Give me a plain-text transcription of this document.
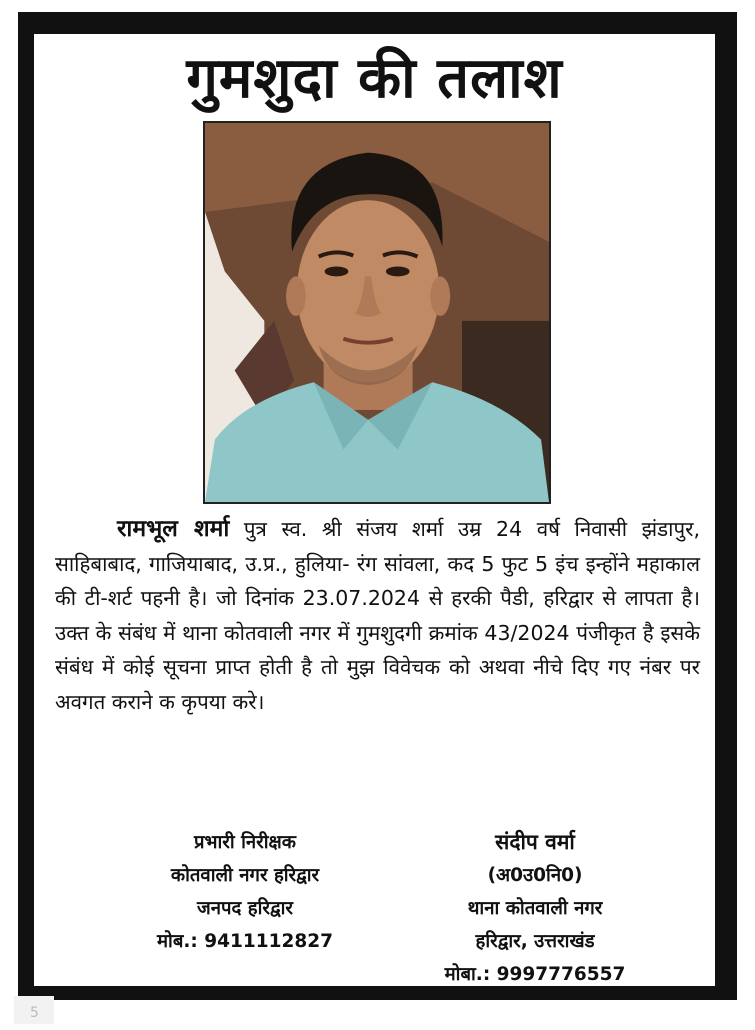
गुमशुदा की तलाश
रामभूल शर्मा पुत्र स्व. श्री संजय शर्मा उम्र 24 वर्ष निवासी झंडापुर, साहिबाबाद, गाजियाबाद, उ.प्र., हुलिया- रंग सांवला, कद 5 फुट 5 इंच इन्होंने महाकाल की टी-शर्ट पहनी है। जो दिनांक 23.07.2024 से हरकी पैडी, हरिद्वार से लापता है। उक्त के संबंध में थाना कोतवाली नगर में गुमशुदगी क्रमांक 43/2024 पंजीकृत है इसके संबंध में कोई सूचना प्राप्त होती है तो मुझ विवेचक को अथवा नीचे दिए गए नंबर पर अवगत कराने क कृपया करे।
प्रभारी निरीक्षक
कोतवाली नगर हरिद्वार
जनपद हरिद्वार
मोब.: 9411112827
संदीप वर्मा
(अ0उ0नि0)
थाना कोतवाली नगर
हरिद्वार, उत्तराखंड
मोबा.: 9997776557
5
